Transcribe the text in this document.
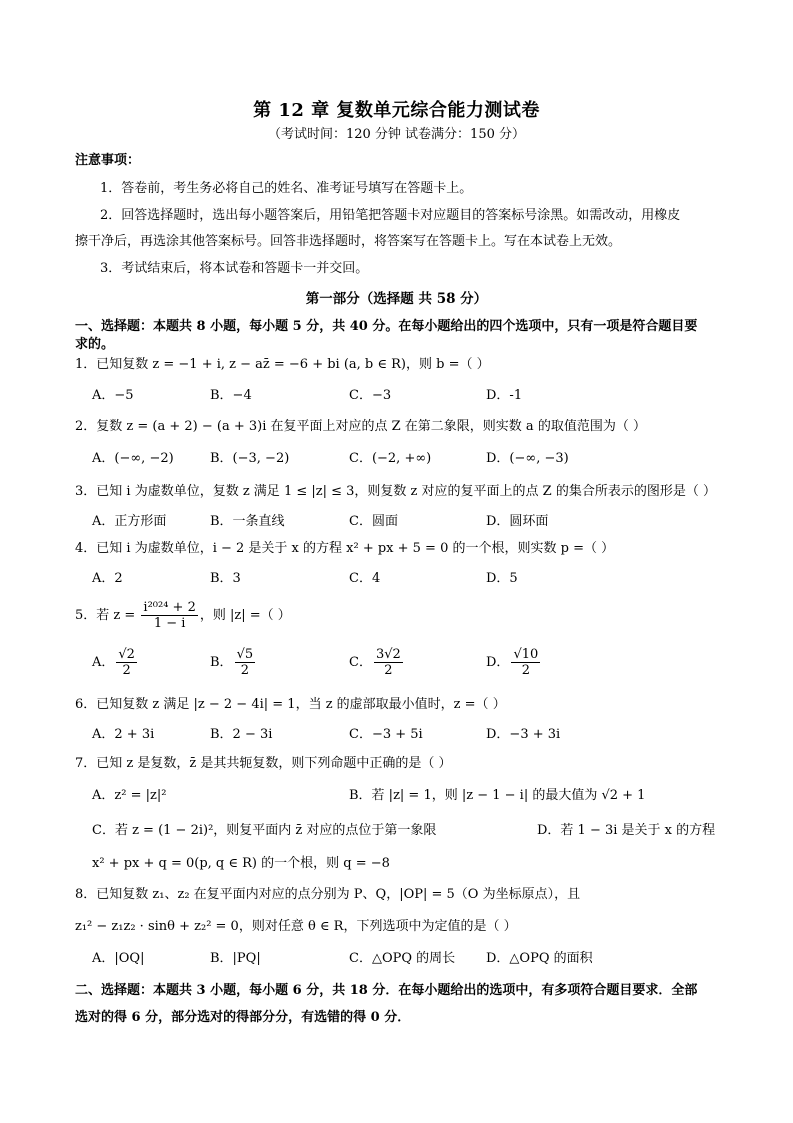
第 12 章 复数单元综合能力测试卷
（考试时间：120 分钟 试卷满分：150 分）
注意事项：
1．答卷前，考生务必将自己的姓名、准考证号填写在答题卡上。
2．回答选择题时，选出每小题答案后，用铅笔把答题卡对应题目的答案标号涂黑。如需改动，用橡皮
擦干净后，再选涂其他答案标号。回答非选择题时，将答案写在答题卡上。写在本试卷上无效。
3．考试结束后，将本试卷和答题卡一并交回。
第一部分（选择题 共 58 分）
一、选择题：本题共 8 小题，每小题 5 分，共 40 分。在每小题给出的四个选项中，只有一项是符合题目要
求的。
1．已知复数 z = −1 + i, z − az̄ = −6 + bi (a, b ∈ R)，则 b =（ ）
A．−5	B．−4	C．−3	D．-1
2．复数 z = (a + 2) − (a + 3)i 在复平面上对应的点 Z 在第二象限，则实数 a 的取值范围为（ ）
A．(−∞, −2)	B．(−3, −2)	C．(−2, +∞)	D．(−∞, −3)
3．已知 i 为虚数单位，复数 z 满足 1 ≤ |z| ≤ 3，则复数 z 对应的复平面上的点 Z 的集合所表示的图形是（ ）
A．正方形面	B．一条直线	C．圆面	D．圆环面
4．已知 i 为虚数单位，i − 2 是关于 x 的方程 x² + px + 5 = 0 的一个根，则实数 p =（ ）
A．2	B．3	C．4	D．5
5．若 $z = \frac{\text{i²⁰²⁴ + 2}}{1 - i}$ ，则 |z| =（ ）
A． $\frac{√2}{2}$	B． $\frac{√5}{2}$	C． $\frac{3√2}{2}$	D． $\frac{√10}{2}$
6．已知复数 z 满足 |z − 2 − 4i| = 1，当 z 的虚部取最小值时，z =（ ）
A．2 + 3i	B．2 − 3i	C．−3 + 5i	D．−3 + 3i
7．已知 z 是复数，z̄ 是其共轭复数，则下列命题中正确的是（ ）
A．z² = |z|²	B．若 |z| = 1，则 |z − 1 − i| 的最大值为 √2 + 1
C．若 z = (1 − 2i)²，则复平面内 z̄ 对应的点位于第一象限	D．若 1 − 3i 是关于 x 的方程
x² + px + q = 0(p, q ∈ R) 的一个根，则 q = −8
8．已知复数 z₁、z₂ 在复平面内对应的点分别为 P、Q，|OP| = 5（O 为坐标原点），且
z₁² − z₁z₂ · sinθ + z₂² = 0，则对任意 θ ∈ R，下列选项中为定值的是（ ）
A．|OQ|	B．|PQ|	C．△OPQ 的周长 D．△OPQ 的面积
二、选择题：本题共 3 小题，每小题 6 分，共 18 分．在每小题给出的选项中，有多项符合题目要求．全部
选对的得 6 分，部分选对的得部分分，有选错的得 0 分．
